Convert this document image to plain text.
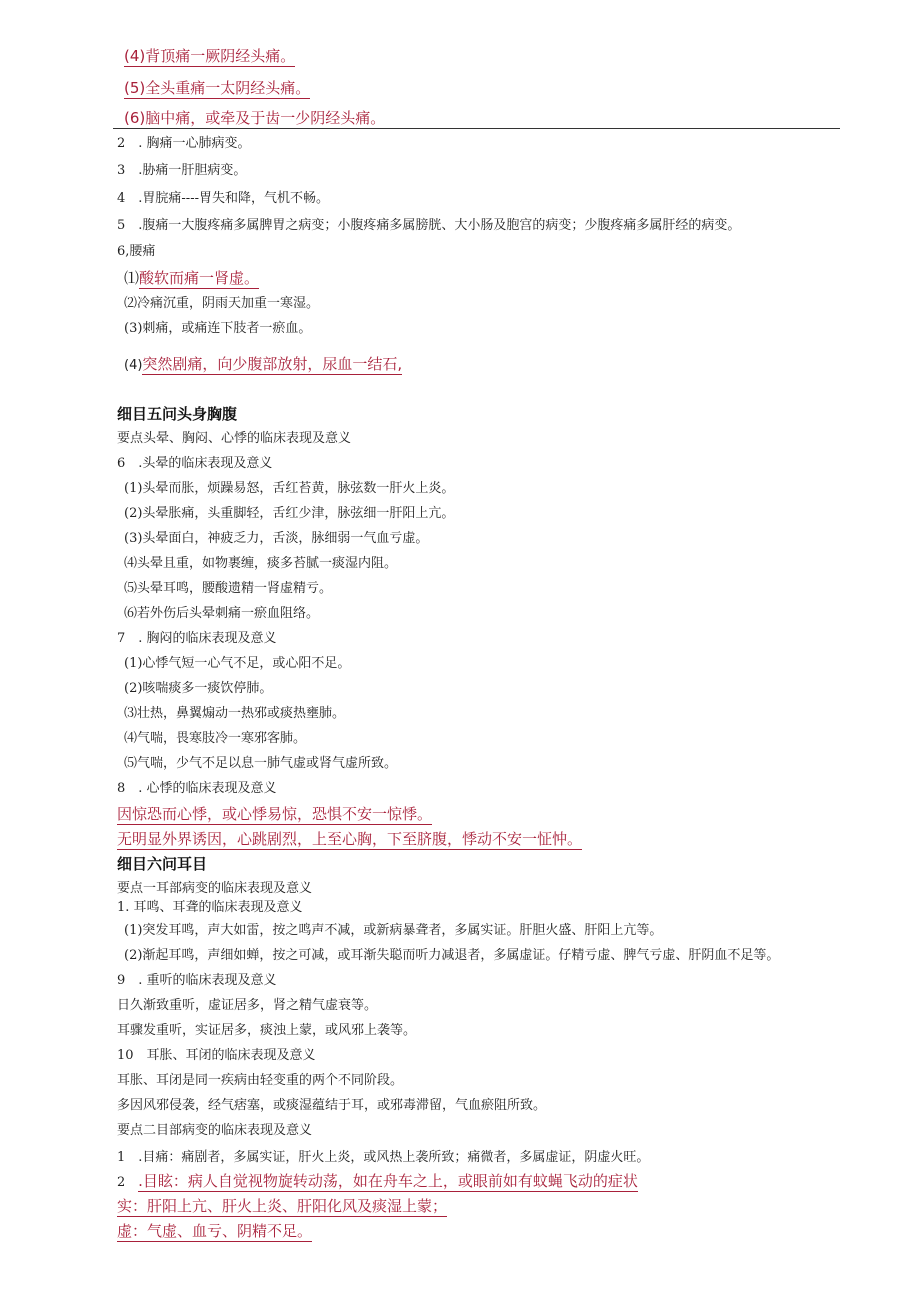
(4)背顶痛一厥阴经头痛。
(5)全头重痛一太阴经头痛。
(6)脑中痛，或牵及于齿一少阴经头痛。
2　. 胸痛一心肺病变。
3　.胁痛一肝胆病变。
4　.胃脘痛----胃失和降，气机不畅。
5　.腹痛一大腹疼痛多属脾胃之病变；小腹疼痛多属膀胱、大小肠及胞宫的病变；少腹疼痛多属肝经的病变。
6,腰痛
⑴酸软而痛一肾虚。
⑵冷痛沉重，阴雨天加重一寒湿。
(3)刺痛，或痛连下肢者一瘀血。
(4)突然剧痛，向少腹部放射，尿血一结石,
细目五问头身胸腹
要点头晕、胸闷、心悸的临床表现及意义
6　.头晕的临床表现及意义
(1)头晕而胀，烦躁易怒，舌红苔黄，脉弦数一肝火上炎。
(2)头晕胀痛，头重脚轻，舌红少津，脉弦细一肝阳上亢。
(3)头晕面白，神疲乏力，舌淡，脉细弱一气血亏虚。
⑷头晕且重，如物裹缠，痰多苔腻一痰湿内阻。
⑸头晕耳鸣，腰酸遗精一肾虚精亏。
⑹若外伤后头晕刺痛一瘀血阻络。
7　. 胸闷的临床表现及意义
(1)心悸气短一心气不足，或心阳不足。
(2)咳喘痰多一痰饮停肺。
⑶壮热，鼻翼煽动一热邪或痰热壅肺。
⑷气喘，畏寒肢冷一寒邪客肺。
⑸气喘，少气不足以息一肺气虚或肾气虚所致。
8　. 心悸的临床表现及意义
因惊恐而心悸，或心悸易惊，恐惧不安一惊悸。
无明显外界诱因，心跳剧烈，上至心胸，下至脐腹，悸动不安一怔忡。
细目六问耳目
要点一耳部病变的临床表现及意义
1. 耳鸣、耳聋的临床表现及意义
(1)突发耳鸣，声大如雷，按之鸣声不减，或新病暴聋者，多属实证。肝胆火盛、肝阳上亢等。
(2)渐起耳鸣，声细如蝉，按之可减，或耳渐失聪而听力减退者，多属虚证。仔精亏虚、脾气亏虚、肝阴血不足等。
9　. 重听的临床表现及意义
日久渐致重听，虚证居多，肾之精气虚衰等。
耳骤发重听，实证居多，痰浊上蒙，或风邪上袭等。
10　耳胀、耳闭的临床表现及意义
耳胀、耳闭是同一疾病由轻变重的两个不同阶段。
多因风邪侵袭，经气痞塞，或痰湿蕴结于耳，或邪毒滞留，气血瘀阻所致。
要点二目部病变的临床表现及意义
1　.目痛：痛剧者，多属实证，肝火上炎，或风热上袭所致；痛微者，多属虚证，阴虚火旺。
2 .目眩：病人自觉视物旋转动荡，如在舟车之上，或眼前如有蚊蝇飞动的症状
实：肝阳上亢、肝火上炎、肝阳化风及痰湿上蒙；
虚：气虚、血亏、阴精不足。
